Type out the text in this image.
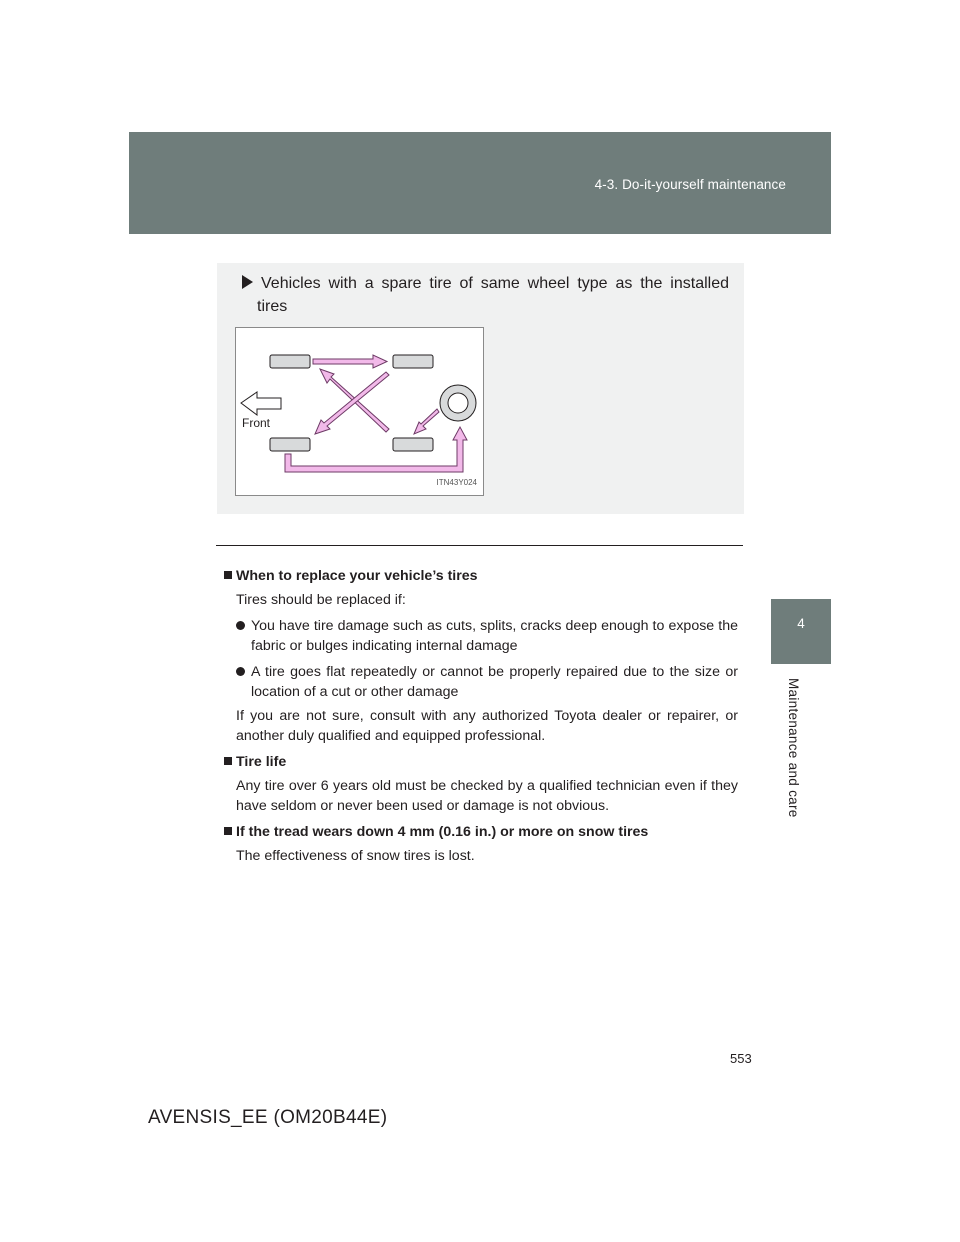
4-3. Do-it-yourself maintenance
4
Maintenance and care
Vehicles with a spare tire of same wheel type as the installed
tires
Front
ITN43Y024
When to replace your vehicle’s tires
Tires should be replaced if:
You have tire damage such as cuts, splits, cracks deep enough to expose the fabric or bulges indicating internal damage
A tire goes flat repeatedly or cannot be properly repaired due to the size or location of a cut or other damage
If you are not sure, consult with any authorized Toyota dealer or repairer, or another duly qualified and equipped professional.
Tire life
Any tire over 6 years old must be checked by a qualified technician even if they have seldom or never been used or damage is not obvious.
If the tread wears down 4 mm (0.16 in.) or more on snow tires
The effectiveness of snow tires is lost.
553
AVENSIS_EE (OM20B44E)
